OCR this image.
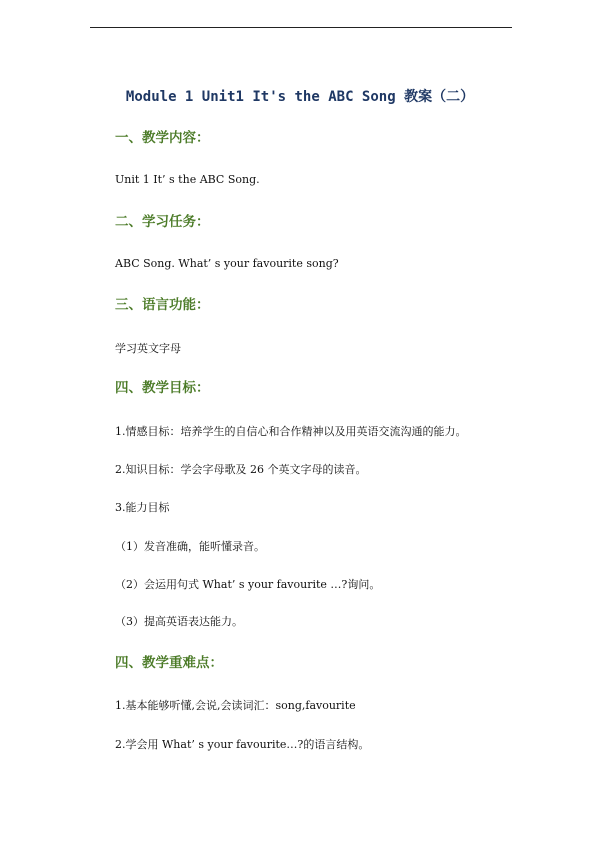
Module 1 Unit1 It's the ABC Song 教案（二）
一、教学内容：
Unit 1 It’ s the ABC Song.
二、学习任务：
ABC Song. What’ s your favourite song?
三、语言功能：
学习英文字母
四、教学目标：
1.情感目标：培养学生的自信心和合作精神以及用英语交流沟通的能力。
2.知识目标：学会字母歌及 26 个英文字母的读音。
3.能力目标
（1）发音准确，能听懂录音。
（2）会运用句式 What’ s your favourite …?询问。
（3）提高英语表达能力。
四、教学重难点：
1.基本能够听懂,会说,会读词汇：song,favourite
2.学会用 What’ s your favourite…?的语言结构。
